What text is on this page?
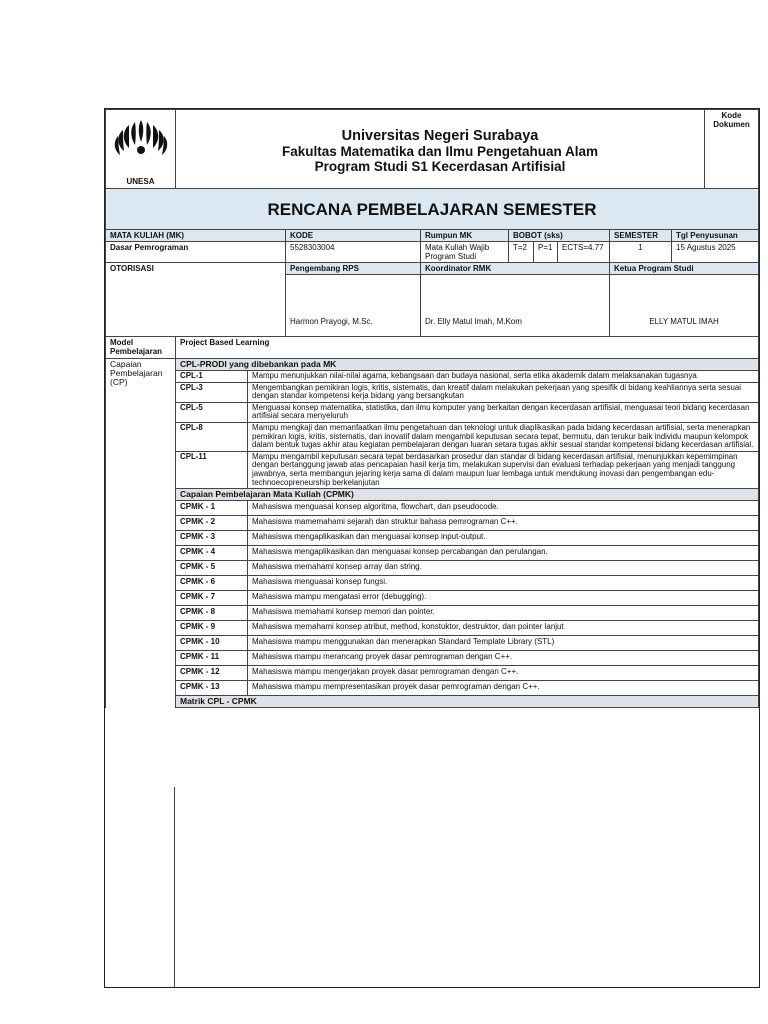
UNESA

Universitas Negeri Surabaya
Fakultas Matematika dan Ilmu Pengetahuan Alam
Program Studi S1 Kecerdasan Artifisial
	Kode Dokumen
RENCANA PEMBELAJARAN SEMESTER
MATA KULIAH (MK)	KODE	Rumpun MK	BOBOT (sks)			SEMESTER	Tgl Penyusunan
Dasar Pemrograman	5528303004	Mata Kuliah Wajib Program Studi	T=2	P=1	ECTS=4.77	1	15 Agustus 2025
OTORISASI	Pengembang RPS	Koordinator RMK				Ketua Program Studi	
	Harmon Prayogi, M.Sc.	Dr. Elly Matul Imah, M.Kom				ELLY MATUL IMAH	
Model Pembelajaran	Project Based Learning	
Capaian Pembelajaran (CP)	CPL-PRODI yang dibebankan pada MK	
	CPL-1	Mampu menunjukkan nilai-nilai agama, kebangsaan dan budaya nasional, serta etika akademik dalam melaksanakan tugasnya
	CPL-3	Mengembangkan pemikiran logis, kritis, sistematis, dan kreatif dalam melakukan pekerjaan yang spesifik di bidang keahliannya serta sesuai dengan standar kompetensi kerja bidang yang bersangkutan
	CPL-5	Menguasai konsep matematika, statistika, dan ilmu komputer yang berkaitan dengan kecerdasan artifisial, menguasai teori bidang kecerdasan artifisial secara menyeluruh
	CPL-8	Mampu mengkaji dan memanfaatkan ilmu pengetahuan dan teknologi untuk diaplikasikan pada bidang kecerdasan artifisial, serta menerapkan pemikiran logis, kritis, sistematis, dan inovatif dalam mengambil keputusan secara tepat, bermutu, dan terukur baik individu maupun kelompok dalam bentuk tugas akhir atau kegiatan pembelajaran dengan luaran setara tugas akhir sesuai standar kompetensi bidang kecerdasan artifisial.
	CPL-11	Mampu mengambil keputusan secara tepat berdasarkan prosedur dan standar di bidang kecerdasan artifisial, menunjukkan kepemimpinan dengan bertanggung jawab atas pencapaian hasil kerja tim, melakukan supervisi dan evaluasi terhadap pekerjaan yang menjadi tanggung jawabnya, serta membangun jejaring kerja sama di dalam maupun luar lembaga untuk mendukung inovasi dan pengembangan edu-technoecopreneurship berkelanjutan
	Capaian Pembelajaran Mata Kuliah (CPMK)	
	CPMK - 1	Mahasiswa menguasai konsep algoritma, flowchart, dan pseudocode.
	CPMK - 2	Mahasiswa mamemahami sejarah dan struktur bahasa pemrograman C++.
	CPMK - 3	Mahasiswa mengaplikasikan dan menguasai konsep input-output.
	CPMK - 4	Mahasiswa mengaplikasikan dan menguasai konsep percabangan dan perulangan.
	CPMK - 5	Mahasiswa memahami konsep array dan string.
	CPMK - 6	Mahasiswa menguasai konsep fungsi.
	CPMK - 7	Mahasiswa mampu mengatasi error (debugging).
	CPMK - 8	Mahasiswa memahami konsep memori dan pointer.
	CPMK - 9	Mahasiswa memahami konsep atribut, method, konstuktor, destruktor, dan pointer lanjut
	CPMK - 10	Mahasiswa mampu menggunakan dan menerapkan Standard Template Library (STL)
	CPMK - 11	Mahasiswa mampu merancang proyek dasar pemrograman dengan C++.
	CPMK - 12	Mahasiswa mampu mengerjakan proyek dasar pemrograman dengan C++.
	CPMK - 13	Mahasiswa mampu mempresentasikan proyek dasar pemrograman dengan C++.
	Matrik CPL - CPMK	
